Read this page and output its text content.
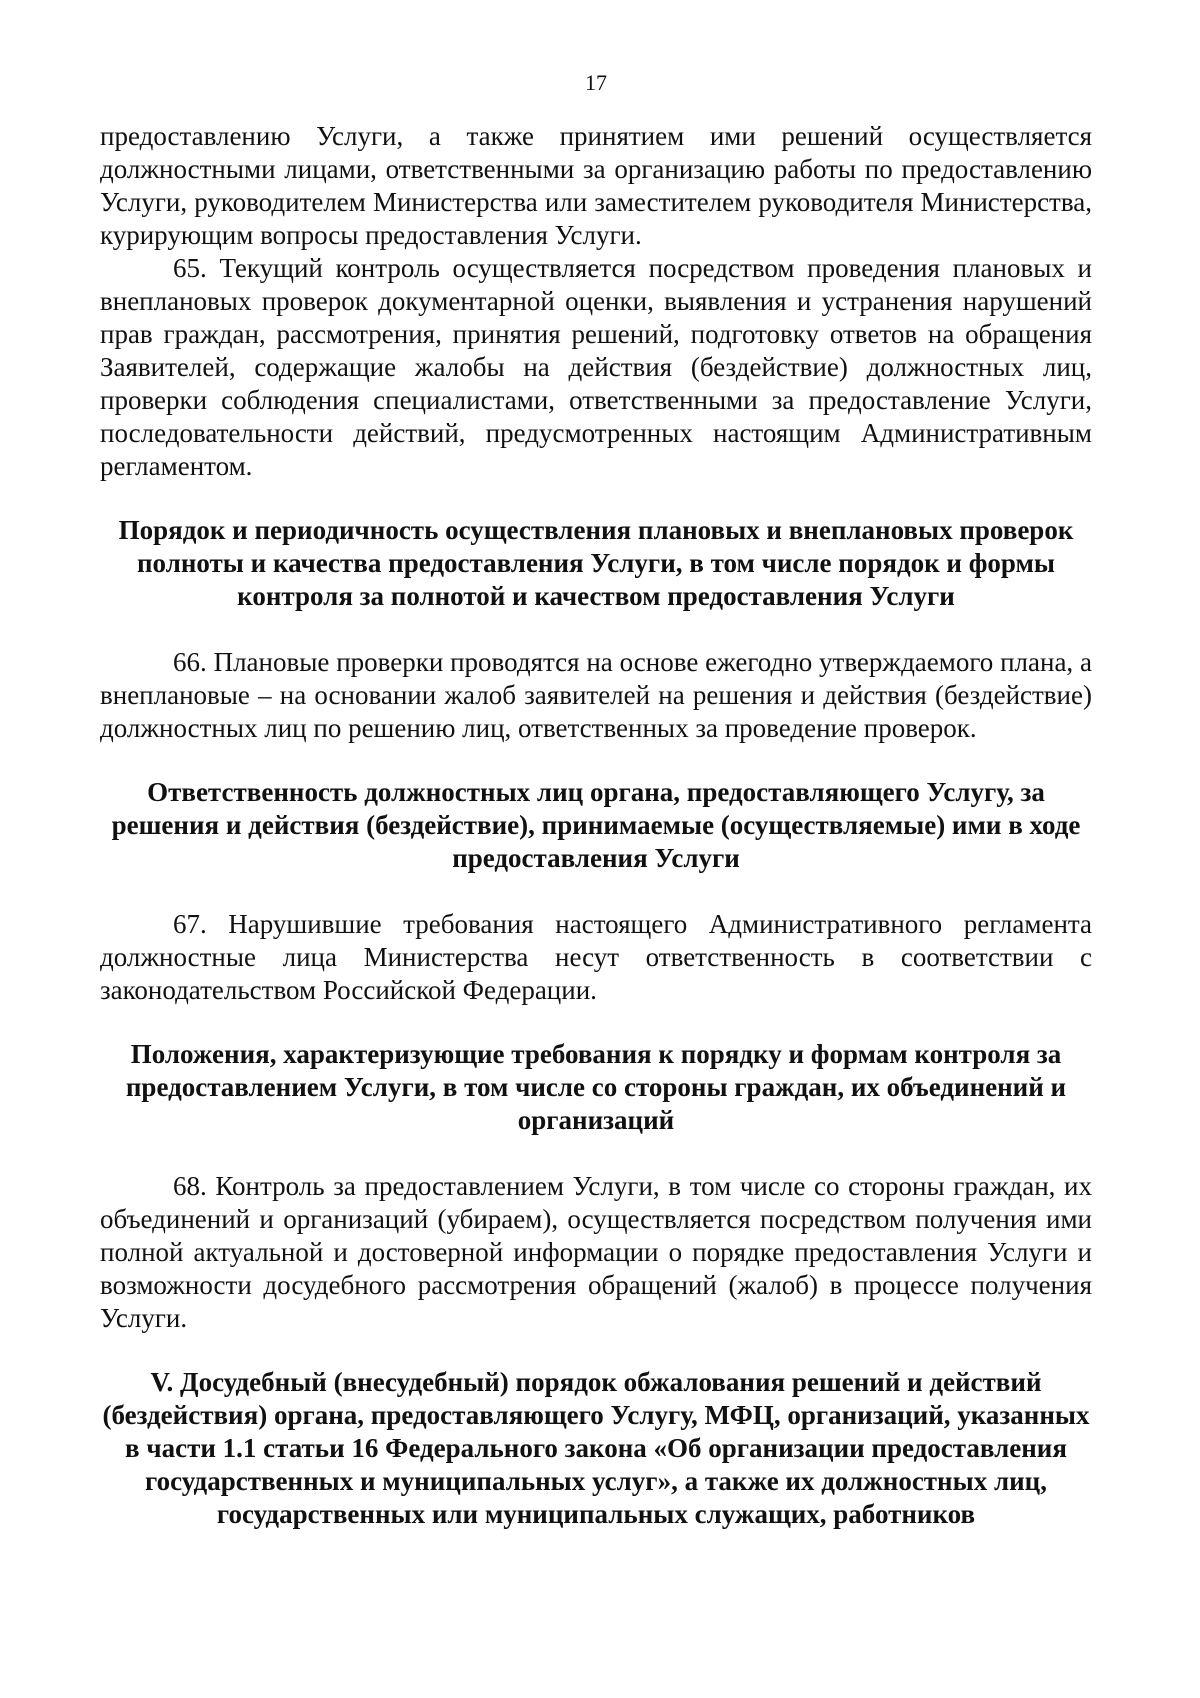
17

предоставлению Услуги, а также принятием ими решений осуществляется должностными лицами, ответственными за организацию работы по предоставлению Услуги, руководителем Министерства или заместителем руководителя Министерства, курирующим вопросы предоставления Услуги.

65. Текущий контроль осуществляется посредством проведения плановых и внеплановых проверок документарной оценки, выявления и устранения нарушений прав граждан, рассмотрения, принятия решений, подготовку ответов на обращения Заявителей, содержащие жалобы на действия (бездействие) должностных лиц, проверки соблюдения специалистами, ответственными за предоставление Услуги, последовательности действий, предусмотренных настоящим Административным регламентом.

Порядок и периодичность осуществления плановых и внеплановых проверок полноты и качества предоставления Услуги, в том числе порядок и формы контроля за полнотой и качеством предоставления Услуги

66. Плановые проверки проводятся на основе ежегодно утверждаемого плана, а внеплановые – на основании жалоб заявителей на решения и действия (бездействие) должностных лиц по решению лиц, ответственных за проведение проверок.

Ответственность должностных лиц органа, предоставляющего Услугу, за решения и действия (бездействие), принимаемые (осуществляемые) ими в ходе предоставления Услуги

67. Нарушившие требования настоящего Административного регламента должностные лица Министерства несут ответственность в соответствии с законодательством Российской Федерации.

Положения, характеризующие требования к порядку и формам контроля за предоставлением Услуги, в том числе со стороны граждан, их объединений и организаций

68. Контроль за предоставлением Услуги, в том числе со стороны граждан, их объединений и организаций (убираем), осуществляется посредством получения ими полной актуальной и достоверной информации о порядке предоставления Услуги и возможности досудебного рассмотрения обращений (жалоб) в процессе получения Услуги.

V. Досудебный (внесудебный) порядок обжалования решений и действий (бездействия) органа, предоставляющего Услугу, МФЦ, организаций, указанных в части 1.1 статьи 16 Федерального закона «Об организации предоставления государственных и муниципальных услуг», а также их должностных лиц, государственных или муниципальных служащих, работников
